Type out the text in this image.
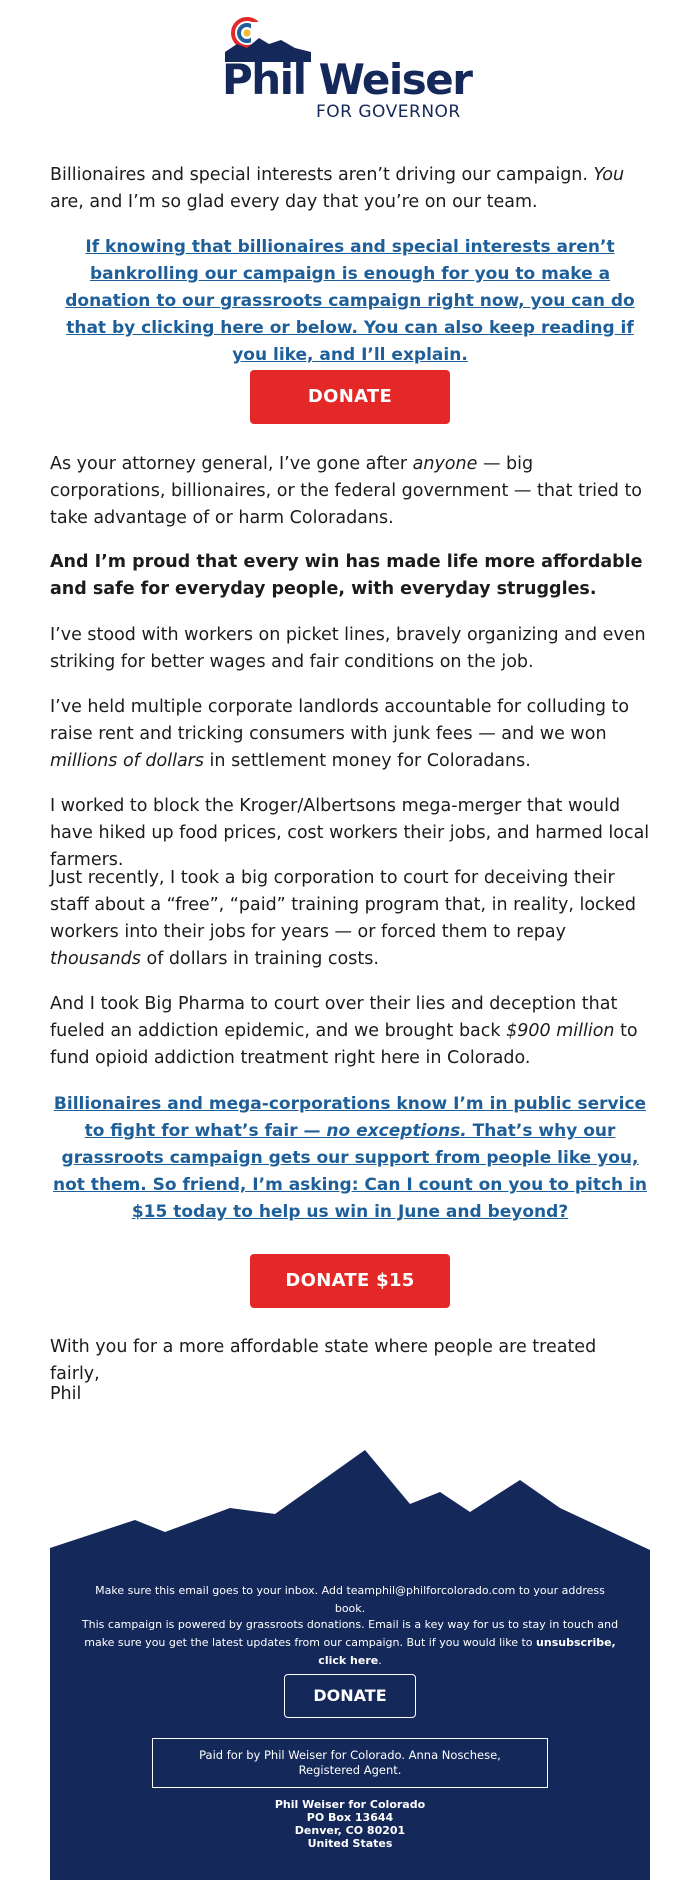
Phil Weiser
FOR GOVERNOR

Billionaires and special interests aren’t driving our campaign. You are, and I’m so glad every day that you’re on our team.

If knowing that billionaires and special interests aren’t bankrolling our campaign is enough for you to make a donation to our grassroots campaign right now, you can do that by clicking here or below. You can also keep reading if you like, and I’ll explain.
DONATE

As your attorney general, I’ve gone after anyone — big corporations, billionaires, or the federal government — that tried to take advantage of or harm Coloradans.

And I’m proud that every win has made life more affordable and safe for everyday people, with everyday struggles.

I’ve stood with workers on picket lines, bravely organizing and even striking for better wages and fair conditions on the job.

I’ve held multiple corporate landlords accountable for colluding to raise rent and tricking consumers with junk fees — and we won millions of dollars in settlement money for Coloradans.

I worked to block the Kroger/Albertsons mega-merger that would have hiked up food prices, cost workers their jobs, and harmed local farmers.

Just recently, I took a big corporation to court for deceiving their staff about a “free”, “paid” training program that, in reality, locked workers into their jobs for years — or forced them to repay thousands of dollars in training costs.

And I took Big Pharma to court over their lies and deception that fueled an addiction epidemic, and we brought back $900 million to fund opioid addiction treatment right here in Colorado.

Billionaires and mega-corporations know I’m in public service to fight for what’s fair — no exceptions. That’s why our grassroots campaign gets our support from people like you, not them. So friend, I’m asking: Can I count on you to pitch in $15 today to help us win in June and beyond?
DONATE $15

With you for a more affordable state where people are treated fairly,

Phil

Make sure this email goes to your inbox. Add teamphil@philforcolorado.com to your address book.
This campaign is powered by grassroots donations. Email is a key way for us to stay in touch and make sure you get the latest updates from our campaign. But if you would like to unsubscribe, click here.
DONATE
Paid for by Phil Weiser for Colorado. Anna Noschese, Registered Agent.
Phil Weiser for Colorado
PO Box 13644
Denver, CO 80201
United States
